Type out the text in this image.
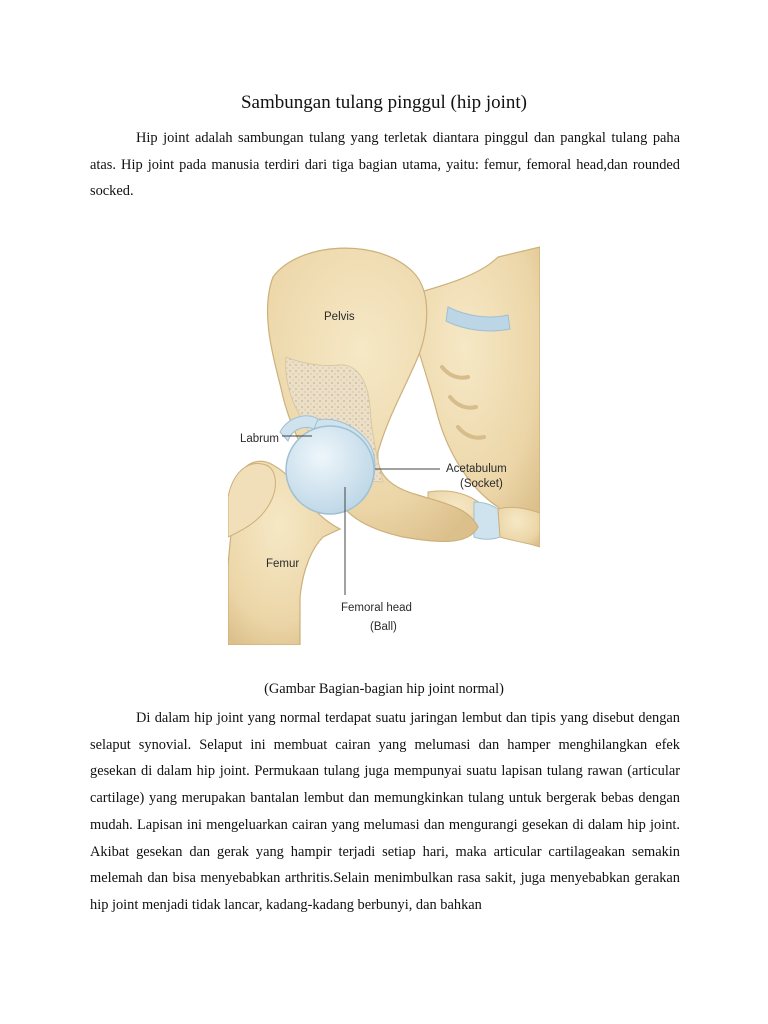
Sambungan tulang pinggul (hip joint)
Hip joint adalah sambungan tulang yang terletak diantara pinggul dan pangkal tulang paha atas. Hip joint pada manusia terdiri dari tiga bagian utama, yaitu: femur, femoral head,dan rounded socked.
Pelvis
Labrum
Acetabulum
(Socket)
Femur
Femoral head
(Ball)
(Gambar Bagian-bagian hip joint normal)
Di dalam hip joint yang normal terdapat suatu jaringan lembut dan tipis yang disebut dengan selaput synovial. Selaput ini membuat cairan yang melumasi dan hamper menghilangkan efek gesekan di dalam hip joint. Permukaan tulang juga mempunyai suatu lapisan tulang rawan (articular cartilage) yang merupakan bantalan lembut dan memungkinkan tulang untuk bergerak bebas dengan mudah. Lapisan ini mengeluarkan cairan yang melumasi dan mengurangi gesekan di dalam hip joint. Akibat gesekan dan gerak yang hampir terjadi setiap hari, maka articular cartilageakan semakin melemah dan bisa menyebabkan arthritis.Selain menimbulkan rasa sakit, juga menyebabkan gerakan hip joint menjadi tidak lancar, kadang-kadang berbunyi, dan bahkan
